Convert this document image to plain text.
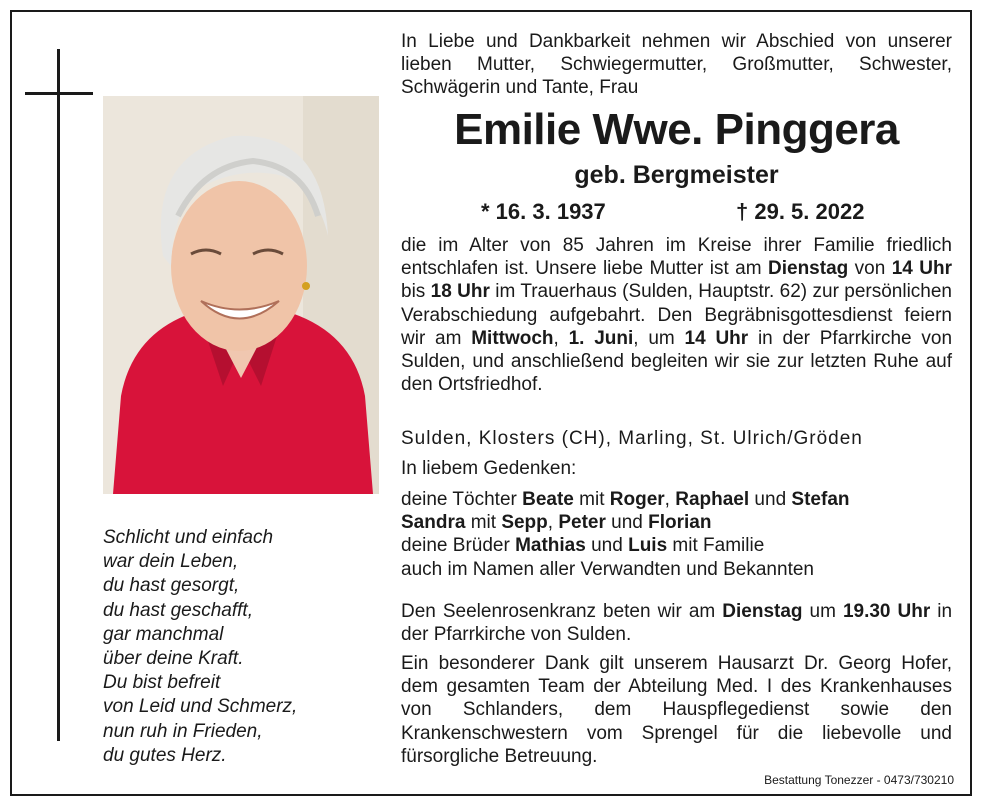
Schlicht und einfach
war dein Leben,
du hast gesorgt,
du hast geschafft,
gar manchmal
über deine Kraft.
Du bist befreit
von Leid und Schmerz,
nun ruh in Frieden,
du gutes Herz.
In Liebe und Dankbarkeit nehmen wir Abschied von unserer lieben Mutter, Schwiegermutter, Großmutter, Schwester, Schwägerin und Tante, Frau
Emilie Wwe. Pinggera
geb. Bergmeister
* 16. 3. 1937	† 29. 5. 2022
die im Alter von 85 Jahren im Kreise ihrer Familie friedlich entschlafen ist. Unsere liebe Mutter ist am Dienstag von 14 Uhr bis 18 Uhr im Trauerhaus (Sulden, Hauptstr. 62) zur persönlichen Verabschiedung aufgebahrt. Den Begräbnisgottesdienst feiern wir am Mittwoch, 1. Juni, um 14 Uhr in der Pfarrkirche von Sulden, und anschließend begleiten wir sie zur letzten Ruhe auf den Ortsfriedhof.
Sulden, Klosters (CH), Marling, St. Ulrich/Gröden
In liebem Gedenken:
deine Töchter Beate mit Roger, Raphael und Stefan
Sandra mit Sepp, Peter und Florian
deine Brüder Mathias und Luis mit Familie
auch im Namen aller Verwandten und Bekannten
Den Seelenrosenkranz beten wir am Dienstag um 19.30 Uhr in der Pfarrkirche von Sulden.
Ein besonderer Dank gilt unserem Hausarzt Dr. Georg Hofer, dem gesamten Team der Abteilung Med. I des Krankenhauses von Schlanders, dem Hauspflegedienst sowie den Krankenschwestern vom Sprengel für die liebevolle und fürsorgliche Betreuung.
Bestattung Tonezzer - 0473/730210
